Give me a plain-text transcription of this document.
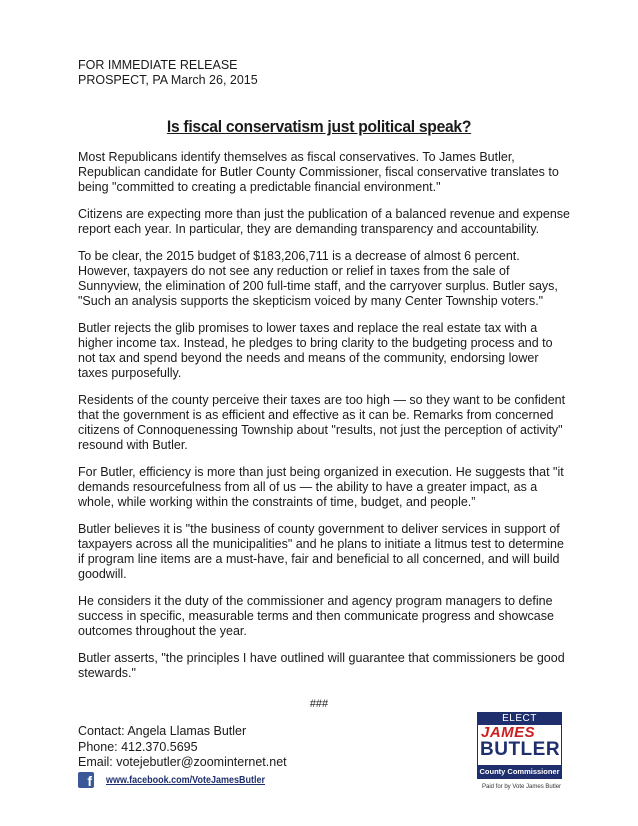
FOR IMMEDIATE RELEASE
PROSPECT, PA March 26, 2015
Is fiscal conservatism just political speak?

Most Republicans identify themselves as fiscal conservatives. To James Butler, Republican candidate for Butler County Commissioner, fiscal conservative translates to being "committed to creating a predictable financial environment."

Citizens are expecting more than just the publication of a balanced revenue and expense report each year. In particular, they are demanding transparency and accountability.

To be clear, the 2015 budget of $183,206,711 is a decrease of almost 6 percent. However, taxpayers do not see any reduction or relief in taxes from the sale of Sunnyview, the elimination of 200 full-time staff, and the carryover surplus. Butler says, "Such an analysis supports the skepticism voiced by many Center Township voters."

Butler rejects the glib promises to lower taxes and replace the real estate tax with a higher income tax. Instead, he pledges to bring clarity to the budgeting process and to not tax and spend beyond the needs and means of the community, endorsing lower taxes purposefully.

Residents of the county perceive their taxes are too high — so they want to be confident that the government is as efficient and effective as it can be. Remarks from concerned citizens of Connoquenessing Township about "results, not just the perception of activity" resound with Butler.

For Butler, efficiency is more than just being organized in execution. He suggests that "it demands resourcefulness from all of us — the ability to have a greater impact, as a whole, while working within the constraints of time, budget, and people.”

Butler believes it is "the business of county government to deliver services in support of taxpayers across all the municipalities" and he plans to initiate a litmus test to determine if program line items are a must-have, fair and beneficial to all concerned, and will build goodwill.

He considers it the duty of the commissioner and agency program managers to define success in specific, measurable terms and then communicate progress and showcase outcomes throughout the year.

Butler asserts, "the principles I have outlined will guarantee that commissioners be good stewards."

###
Contact: Angela Llamas Butler
Phone: 412.370.5695
Email: votejebutler@zoominternet.net
f www.facebook.com/VoteJamesButler
ELECT
JAMES
BUTLER
County Commissioner
Paid for by Vote James Butler
